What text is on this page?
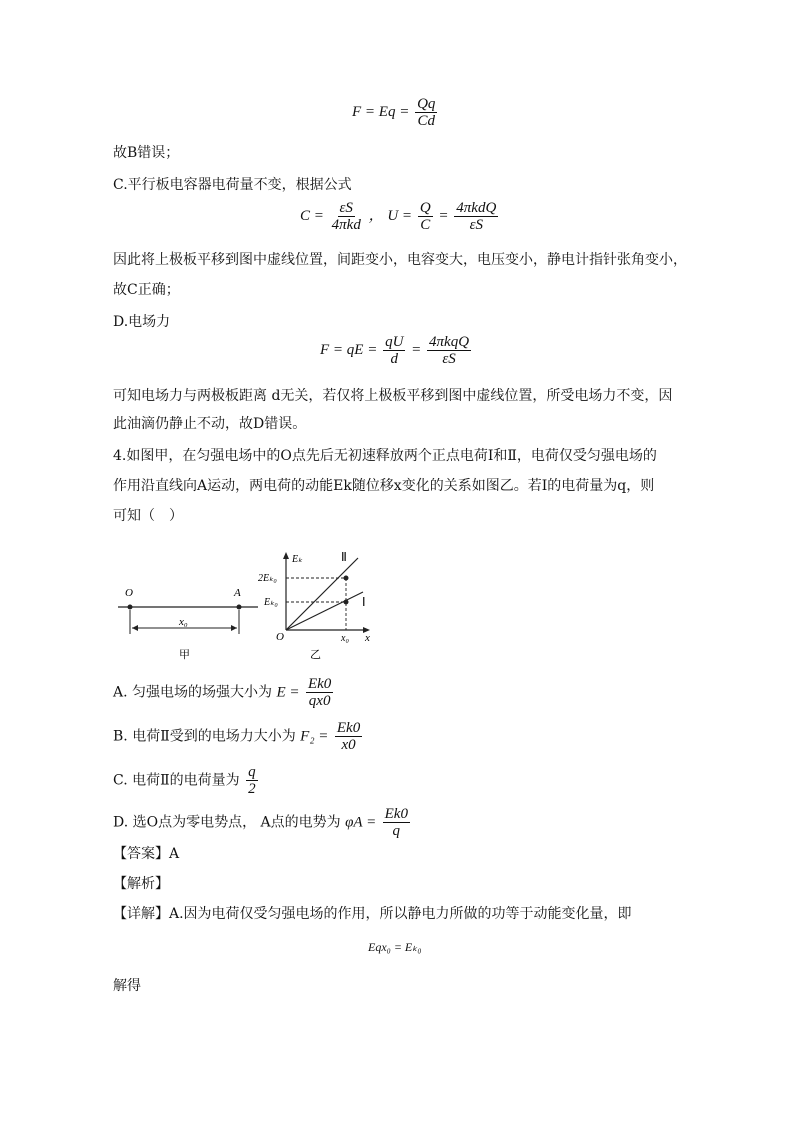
$F = Eq = \frac{Qq}{Cd}$
故B错误；
C.平行板电容器电荷量不变，根据公式
$C = \frac{\varepsilon S}{\text{4πkd}}$ ， $U = \frac{Q}{C} = \frac{\text{4πkdQ}}{\varepsilon S}$
因此将上极板平移到图中虚线位置，间距变小，电容变大，电压变小，静电计指针张角变小，
故C正确；
D.电场力
F = qE = $\frac{qU}{d} = \frac{\text{4πkqQ}}{\varepsilon S}$
可知电场力与两极板距离 d无关，若仅将上极板平移到图中虚线位置，所受电场力不变，因
此油滴仍静止不动，故D错误。
4.如图甲，在匀强电场中的O点先后无初速释放两个正点电荷Ⅰ和Ⅱ，电荷仅受匀强电场的
作用沿直线向A运动，两电荷的动能Ek随位移x变化的关系如图乙。若Ⅰ的电荷量为q，则
可知（　）
O	A
x₀
甲
Eₖ
2Eₖ₀
Eₖ₀
Ⅱ
Ⅰ
O	x₀ x
乙
A. 匀强电场的场强大小为 $E = \frac{Ek0}{qx0}$
B. 电荷Ⅱ受到的电场力大小为 $F_2 = \frac{Ek0}{x0}$
C. 电荷Ⅱ的电荷量为 $\frac{q}{2}$
D. 选O点为零电势点， A点的电势为 $\varphi A = \frac{Ek0}{q}$
【答案】A
【解析】
【详解】A.因为电荷仅受匀强电场的作用，所以静电力所做的功等于动能变化量，即
Eqx₀ = Eₖ₀
解得
